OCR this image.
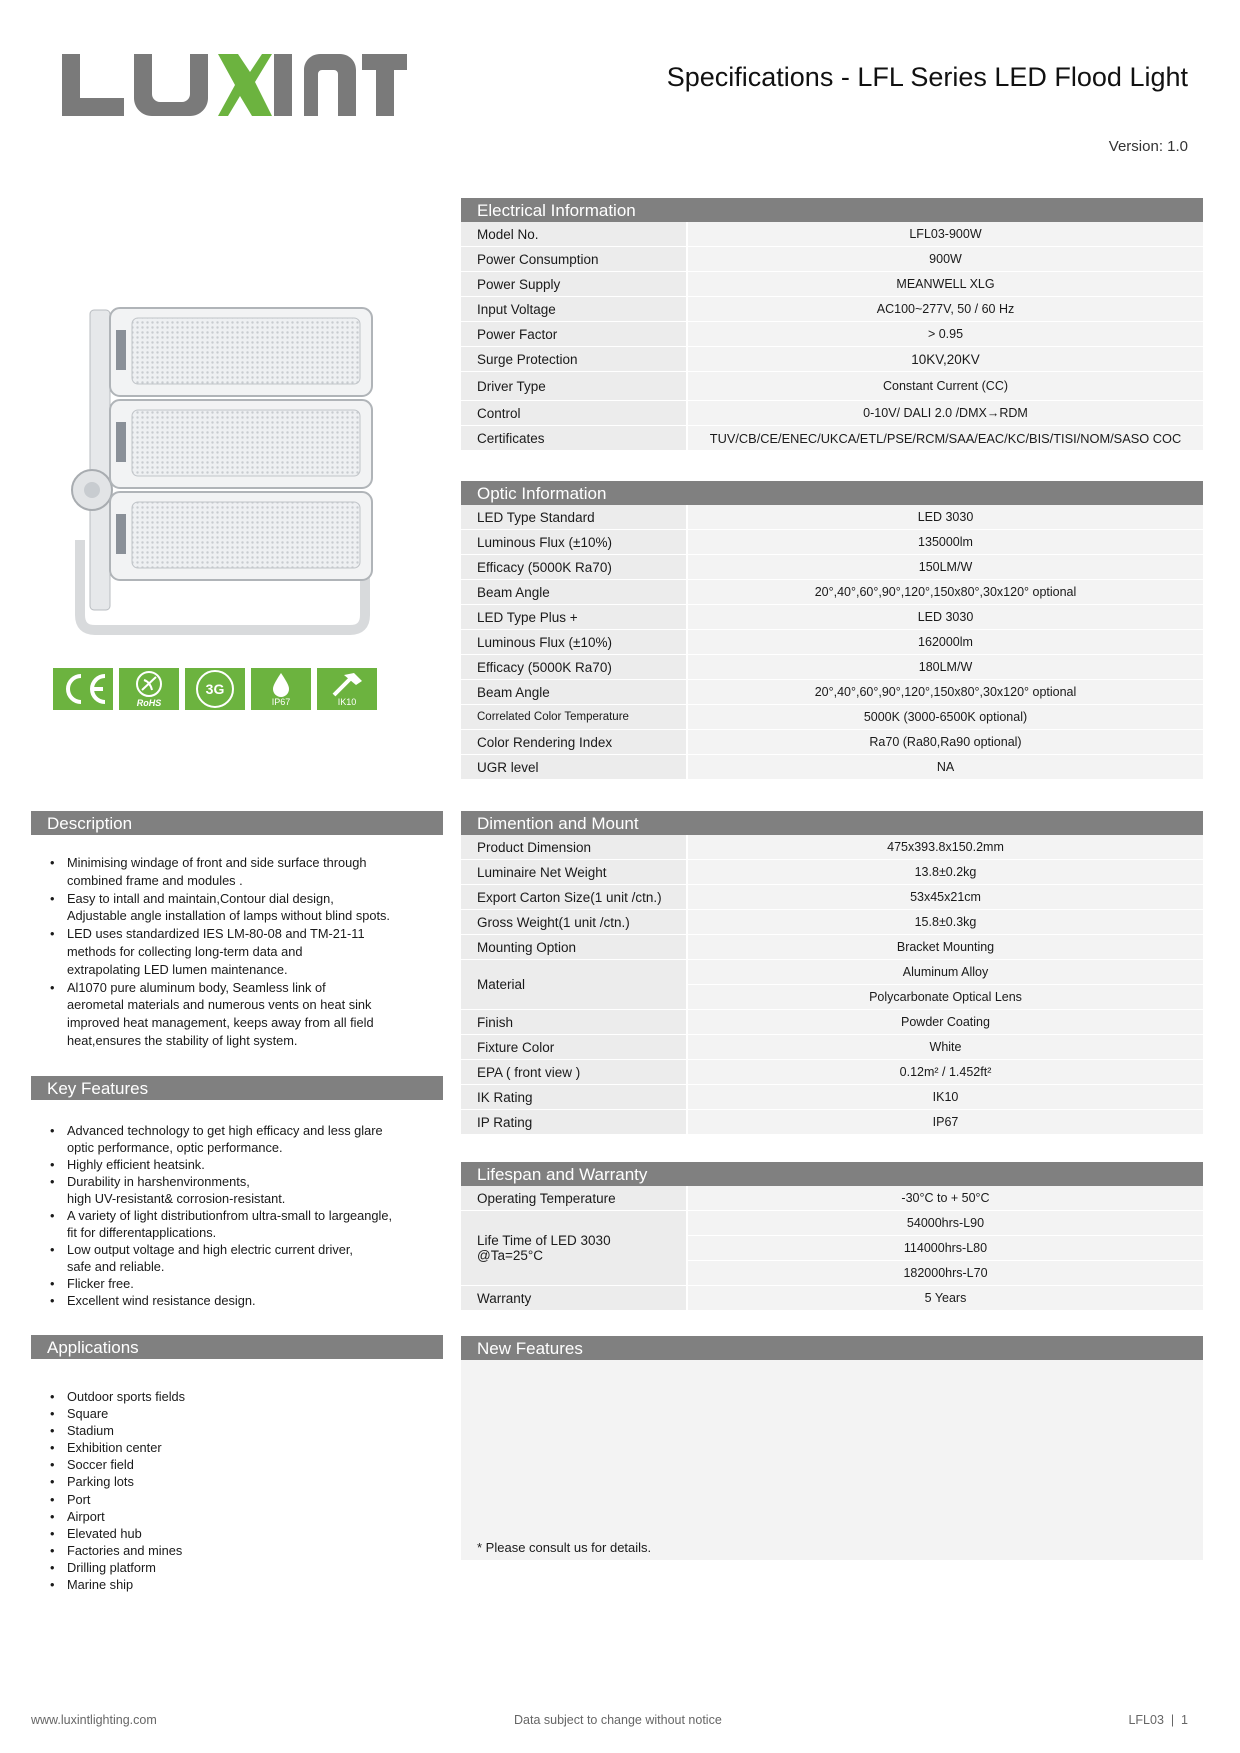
Specifications - LFL Series LED Flood Light
Version: 1.0
RoHS
3G
IP67	IK10
Electrical Information
Model No.	LFL03-900W
Power Consumption	900W
Power Supply	MEANWELL XLG
Input Voltage	AC100~277V, 50 / 60 Hz
Power Factor	> 0.95
Surge Protection	10KV,20KV
Driver Type	Constant Current (CC)
Control	0-10V/ DALI 2.0 /DMX→RDM
Certificates	TUV/CB/CE/ENEC/UKCA/ETL/PSE/RCM/SAA/EAC/KC/BIS/TISI/NOM/SASO COC
Optic Information
LED Type Standard	LED 3030
Luminous Flux (±10%)	135000lm
Efficacy (5000K Ra70)	150LM/W
Beam Angle	20°,40°,60°,90°,120°,150x80°,30x120° optional
LED Type Plus +	LED 3030
Luminous Flux (±10%)	162000lm
Efficacy (5000K Ra70)	180LM/W
Beam Angle	20°,40°,60°,90°,120°,150x80°,30x120° optional
Correlated Color Temperature	5000K (3000-6500K optional)
Color Rendering Index	Ra70 (Ra80,Ra90 optional)
UGR level	NA
Dimention and Mount
Product Dimension	475x393.8x150.2mm
Luminaire Net Weight	13.8±0.2kg
Export Carton Size(1 unit /ctn.)	53x45x21cm
Gross Weight(1 unit /ctn.)	15.8±0.3kg
Mounting Option	Bracket Mounting
Material	Aluminum Alloy
	Polycarbonate Optical Lens
Finish	Powder Coating
Fixture Color	White
EPA ( front view )	0.12m² / 1.452ft²
IK Rating	IK10
IP Rating	IP67
Lifespan and Warranty
Operating Temperature	-30°C to + 50°C

Life Time of LED 3030
@Ta=25°C	54000hrs-L90
	114000hrs-L80
	182000hrs-L70
Warranty	5 Years
New Features
* Please consult us for details.
Description
• Minimising windage of front and side surface through
combined frame and modules .
• Easy to intall and maintain,Contour dial design,
Adjustable angle installation of lamps without blind spots.
• LED uses standardized IES LM-80-08 and TM-21-11
methods for collecting long-term data and
extrapolating LED lumen maintenance.
• Al1070 pure aluminum body, Seamless link of
aerometal materials and numerous vents on heat sink
improved heat management, keeps away from all field
heat,ensures the stability of light system.
Key Features
• Advanced technology to get high efficacy and less glare
optic performance, optic performance.
• Highly efficient heatsink.
• Durability in harshenvironments,
high UV-resistant& corrosion-resistant.
• A variety of light distributionfrom ultra-small to largeangle,
fit for differentapplications.
• Low output voltage and high electric current driver,
safe and reliable.
• Flicker free.
• Excellent wind resistance design.
Applications
• Outdoor sports fields
• Square
• Stadium
• Exhibition center
• Soccer field
• Parking lots
• Port
• Airport
• Elevated hub
• Factories and mines
• Drilling platform
• Marine ship
www.luxintlighting.com	Data subject to change without notice	LFL03  |  1
